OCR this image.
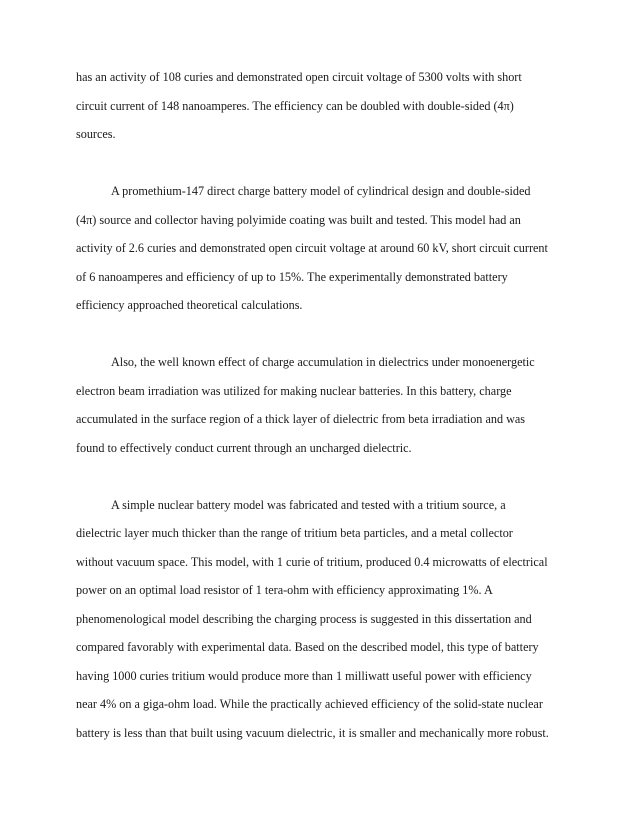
has an activity of 108 curies and demonstrated open circuit voltage of 5300 volts with short
circuit current of 148 nanoamperes. The efficiency can be doubled with double-sided (4π)
sources.
A promethium-147 direct charge battery model of cylindrical design and double-sided
(4π) source and collector having polyimide coating was built and tested. This model had an
activity of 2.6 curies and demonstrated open circuit voltage at around 60 kV, short circuit current
of 6 nanoamperes and efficiency of up to 15%. The experimentally demonstrated battery
efficiency approached theoretical calculations.
Also, the well known effect of charge accumulation in dielectrics under monoenergetic
electron beam irradiation was utilized for making nuclear batteries. In this battery, charge
accumulated in the surface region of a thick layer of dielectric from beta irradiation and was
found to effectively conduct current through an uncharged dielectric.
A simple nuclear battery model was fabricated and tested with a tritium source, a
dielectric layer much thicker than the range of tritium beta particles, and a metal collector
without vacuum space. This model, with 1 curie of tritium, produced 0.4 microwatts of electrical
power on an optimal load resistor of 1 tera-ohm with efficiency approximating 1%. A
phenomenological model describing the charging process is suggested in this dissertation and
compared favorably with experimental data. Based on the described model, this type of battery
having 1000 curies tritium would produce more than 1 milliwatt useful power with efficiency
near 4% on a giga-ohm load. While the practically achieved efficiency of the solid-state nuclear
battery is less than that built using vacuum dielectric, it is smaller and mechanically more robust.
